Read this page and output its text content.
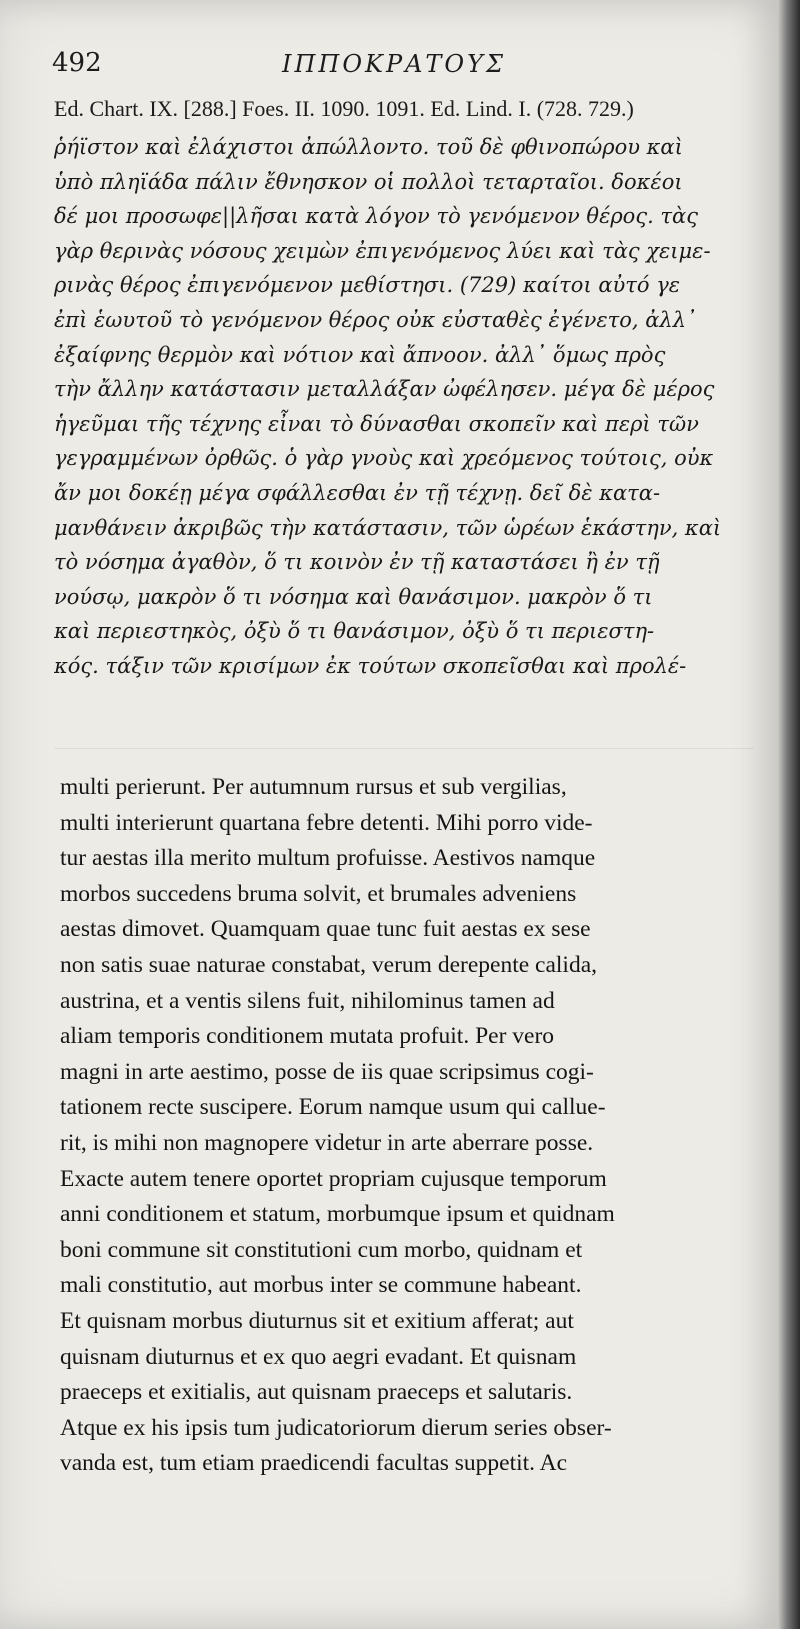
492	ΙΠΠΟΚΡΑΤΟΥΣ
Ed. Chart. IX. [288.] Foes. II. 1090. 1091. Ed. Lind. I. (728. 729.)
ῥήϊστον καὶ ἐλάχιστοι ἀπώλλοντο. τοῦ δὲ φθινοπώρου καὶ
ὑπὸ πληϊάδα πάλιν ἔθνησκον οἱ πολλοὶ τεταρταῖοι. δοκέοι
δέ μοι προσωφε||λῆσαι κατὰ λόγον τὸ γενόμενον θέρος. τὰς
γὰρ θερινὰς νόσους χειμὼν ἐπιγενόμενος λύει καὶ τὰς χειμε-
ρινὰς θέρος ἐπιγενόμενον μεθίστησι. (729) καίτοι αὐτό γε
ἐπὶ ἑωυτοῦ τὸ γενόμενον θέρος οὐκ εὐσταθὲς ἐγένετο, ἀλλ᾽
ἐξαίφνης θερμὸν καὶ νότιον καὶ ἄπνοον. ἀλλ᾽ ὅμως πρὸς
τὴν ἄλλην κατάστασιν μεταλλάξαν ὠφέλησεν. μέγα δὲ μέρος
ἡγεῦμαι τῆς τέχνης εἶναι τὸ δύνασθαι σκοπεῖν καὶ περὶ τῶν
γεγραμμένων ὀρθῶς. ὁ γὰρ γνοὺς καὶ χρεόμενος τούτοις, οὐκ
ἄν μοι δοκέῃ μέγα σφάλλεσθαι ἐν τῇ τέχνῃ. δεῖ δὲ κατα-
μανθάνειν ἀκριβῶς τὴν κατάστασιν, τῶν ὡρέων ἑκάστην, καὶ
τὸ νόσημα ἀγαθὸν, ὅ τι κοινὸν ἐν τῇ καταστάσει ἢ ἐν τῇ
νούσῳ, μακρὸν ὅ τι νόσημα καὶ θανάσιμον. μακρὸν ὅ τι
καὶ περιεστηκὸς, ὀξὺ ὅ τι θανάσιμον, ὀξὺ ὅ τι περιεστη-
κός. τάξιν τῶν κρισίμων ἐκ τούτων σκοπεῖσθαι καὶ προλέ-
multi perierunt. Per autumnum rursus et sub vergilias,
multi interierunt quartana febre detenti. Mihi porro vide-
tur aestas illa merito multum profuisse. Aestivos namque
morbos succedens bruma solvit, et brumales adveniens
aestas dimovet. Quamquam quae tunc fuit aestas ex sese
non satis suae naturae constabat, verum derepente calida,
austrina, et a ventis silens fuit, nihilominus tamen ad
aliam temporis conditionem mutata profuit. Per vero
magni in arte aestimo, posse de iis quae scripsimus cogi-
tationem recte suscipere. Eorum namque usum qui callue-
rit, is mihi non magnopere videtur in arte aberrare posse.
Exacte autem tenere oportet propriam cujusque temporum
anni conditionem et statum, morbumque ipsum et quidnam
boni commune sit constitutioni cum morbo, quidnam et
mali constitutio, aut morbus inter se commune habeant.
Et quisnam morbus diuturnus sit et exitium afferat; aut
quisnam diuturnus et ex quo aegri evadant. Et quisnam
praeceps et exitialis, aut quisnam praeceps et salutaris.
Atque ex his ipsis tum judicatoriorum dierum series obser-
vanda est, tum etiam praedicendi facultas suppetit. Ac
